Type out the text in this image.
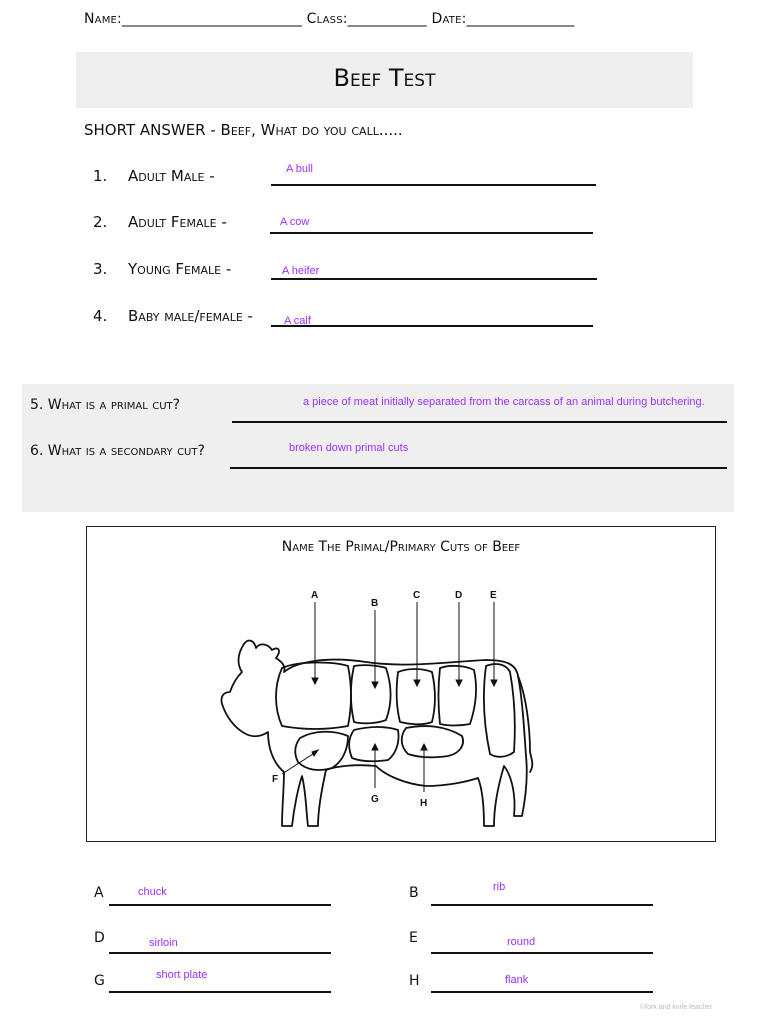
Name:_________________________ Class:___________ Date:_______________
Beef Test
SHORT ANSWER - Beef, What do you call.....
1. Adult Male -	A bull
2. Adult Female -	A cow
3. Young Female -	A heifer
4. Baby male/female -	A calf
5. What is a primal cut?	a piece of meat initially separated from the carcass of an animal during butchering.
6. What is a secondary cut?	broken down primal cuts
Name The Primal/Primary Cuts of Beef
A
B
C	D	E
F
G	H
A	chuck	B	rib
D	sirloin	E	round
G	short plate	H	flank
©fork and knife teacher
